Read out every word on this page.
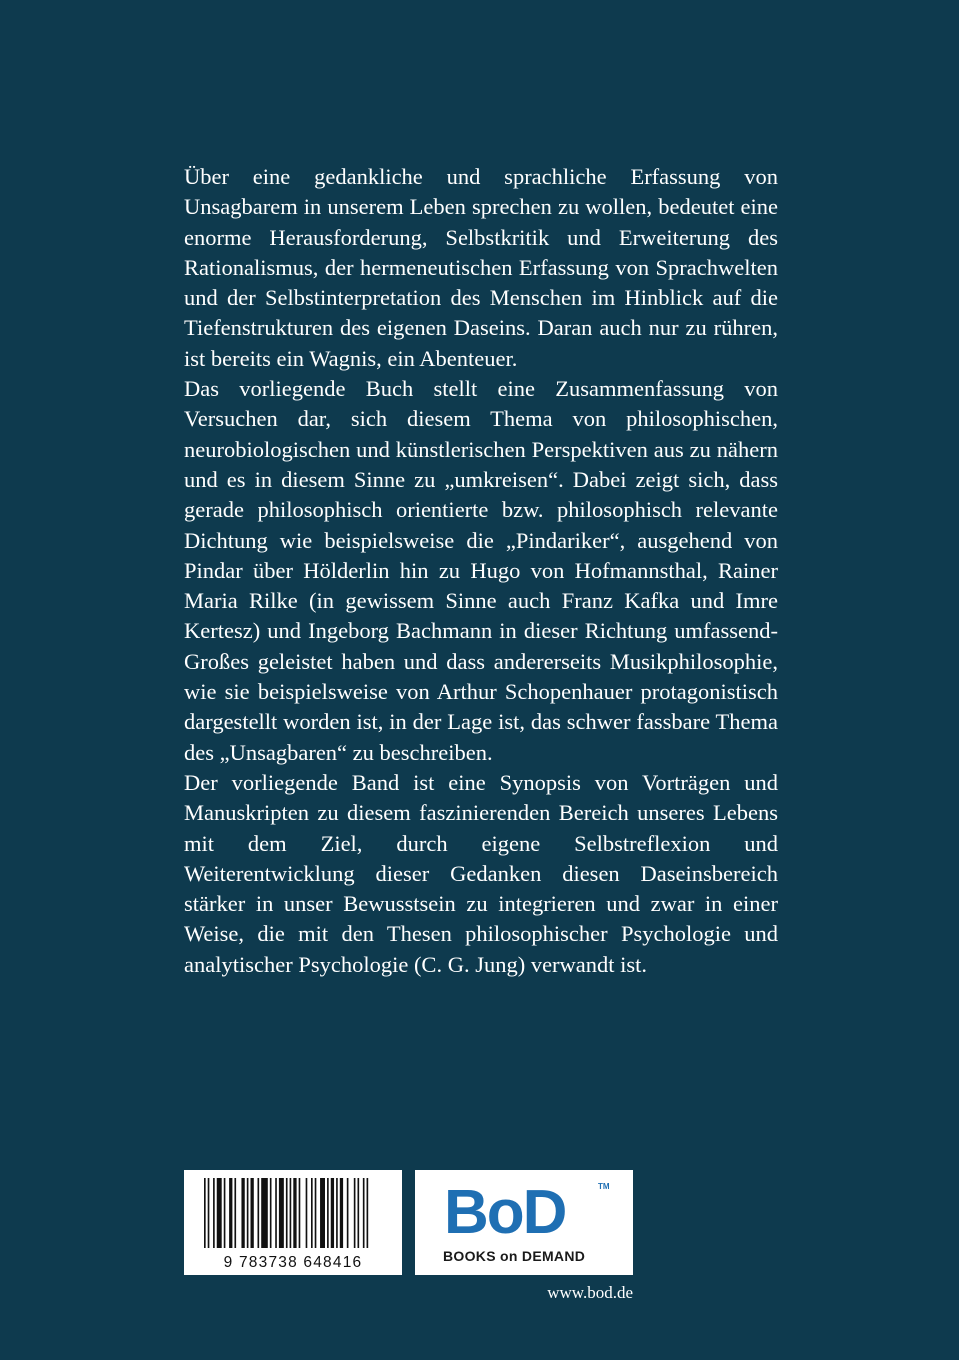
Über eine gedankliche und sprachliche Erfassung von Unsagbarem in unserem Leben sprechen zu wollen, bedeutet eine enorme Herausforderung, Selbstkritik und Erweiterung des Rationalismus, der hermeneutischen Erfassung von Sprachwelten und der Selbstinterpretation des Menschen im Hinblick auf die Tiefenstrukturen des eigenen Daseins. Daran auch nur zu rühren, ist bereits ein Wagnis, ein Abenteuer.

Das vorliegende Buch stellt eine Zusammenfassung von Versuchen dar, sich diesem Thema von philosophischen, neurobiologischen und künstlerischen Perspektiven aus zu nähern und es in diesem Sinne zu „umkreisen“. Dabei zeigt sich, dass gerade philosophisch orientierte bzw. philosophisch relevante Dichtung wie beispielsweise die „Pindariker“, ausgehend von Pindar über Hölderlin hin zu Hugo von Hofmannsthal, Rainer Maria Rilke (in gewissem Sinne auch Franz Kafka und Imre Kertesz) und Ingeborg Bachmann in dieser Richtung umfassend-Großes geleistet haben und dass andererseits Musikphilosophie, wie sie beispielsweise von Arthur Schopenhauer protagonistisch dargestellt worden ist, in der Lage ist, das schwer fassbare Thema des „Unsagbaren“ zu beschreiben.

Der vorliegende Band ist eine Synopsis von Vorträgen und Manuskripten zu diesem faszinierenden Bereich unseres Lebens mit dem Ziel, durch eigene Selbstreflexion und Weiterentwicklung dieser Gedanken diesen Daseinsbereich stärker in unser Bewusstsein zu integrieren und zwar in einer Weise, die mit den Thesen philosophischer Psychologie und analytischer Psychologie (C. G. Jung) verwandt ist.

9 783738 648416
BoD	TM
BOOKS on DEMAND
www.bod.de
